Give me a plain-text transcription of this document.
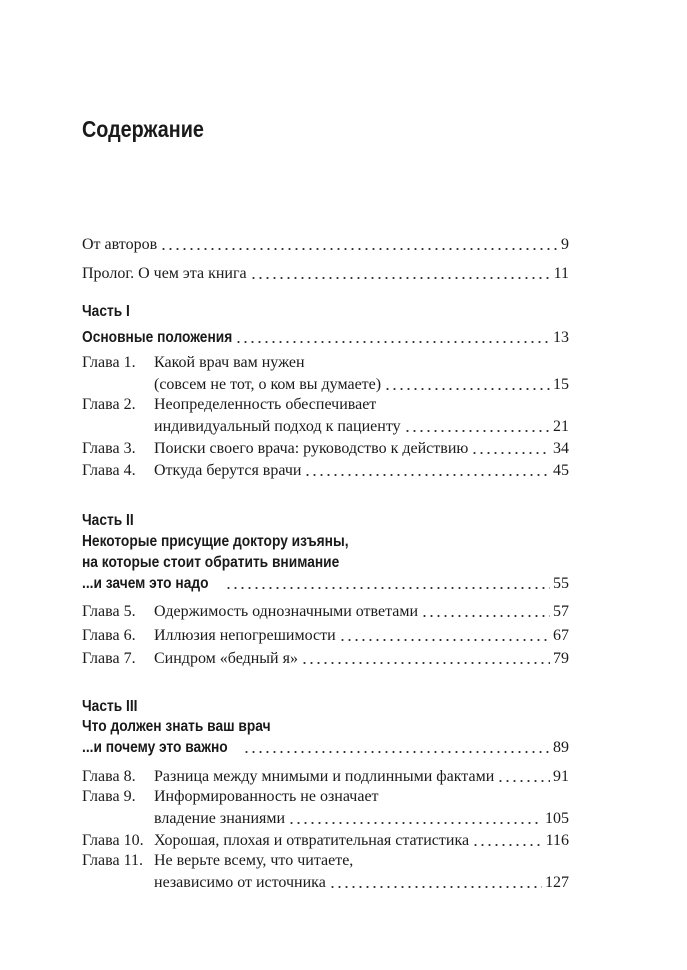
Содержание
От авторов	9
Пролог. О чем эта книга	11
Часть I
Основные положения	13
Глава 1. Какой врач вам нужен
(совсем не тот, о ком вы думаете)	15
Глава 2. Неопределенность обеспечивает
индивидуальный подход к пациенту	21
Глава 3.	Поиски своего врача: руководство к действию	34
Глава 4.	Откуда берутся врачи	45
Часть II
Некоторые присущие доктору изъяны,
на которые стоит обратить внимание
...и зачем это надо	55
Глава 5.	Одержимость однозначными ответами	57
Глава 6.	Иллюзия непогрешимости	67
Глава 7.	Синдром «бедный я»	79
Часть III
Что должен знать ваш врач
...и почему это важно	89
Глава 8.	Разница между мнимыми и подлинными фактами	91
Глава 9. Информированность не означает
владение знаниями	105
Глава 10. Хорошая, плохая и отвратительная статистика	116
Глава 11. Не верьте всему, что читаете,
независимо от источника	127
